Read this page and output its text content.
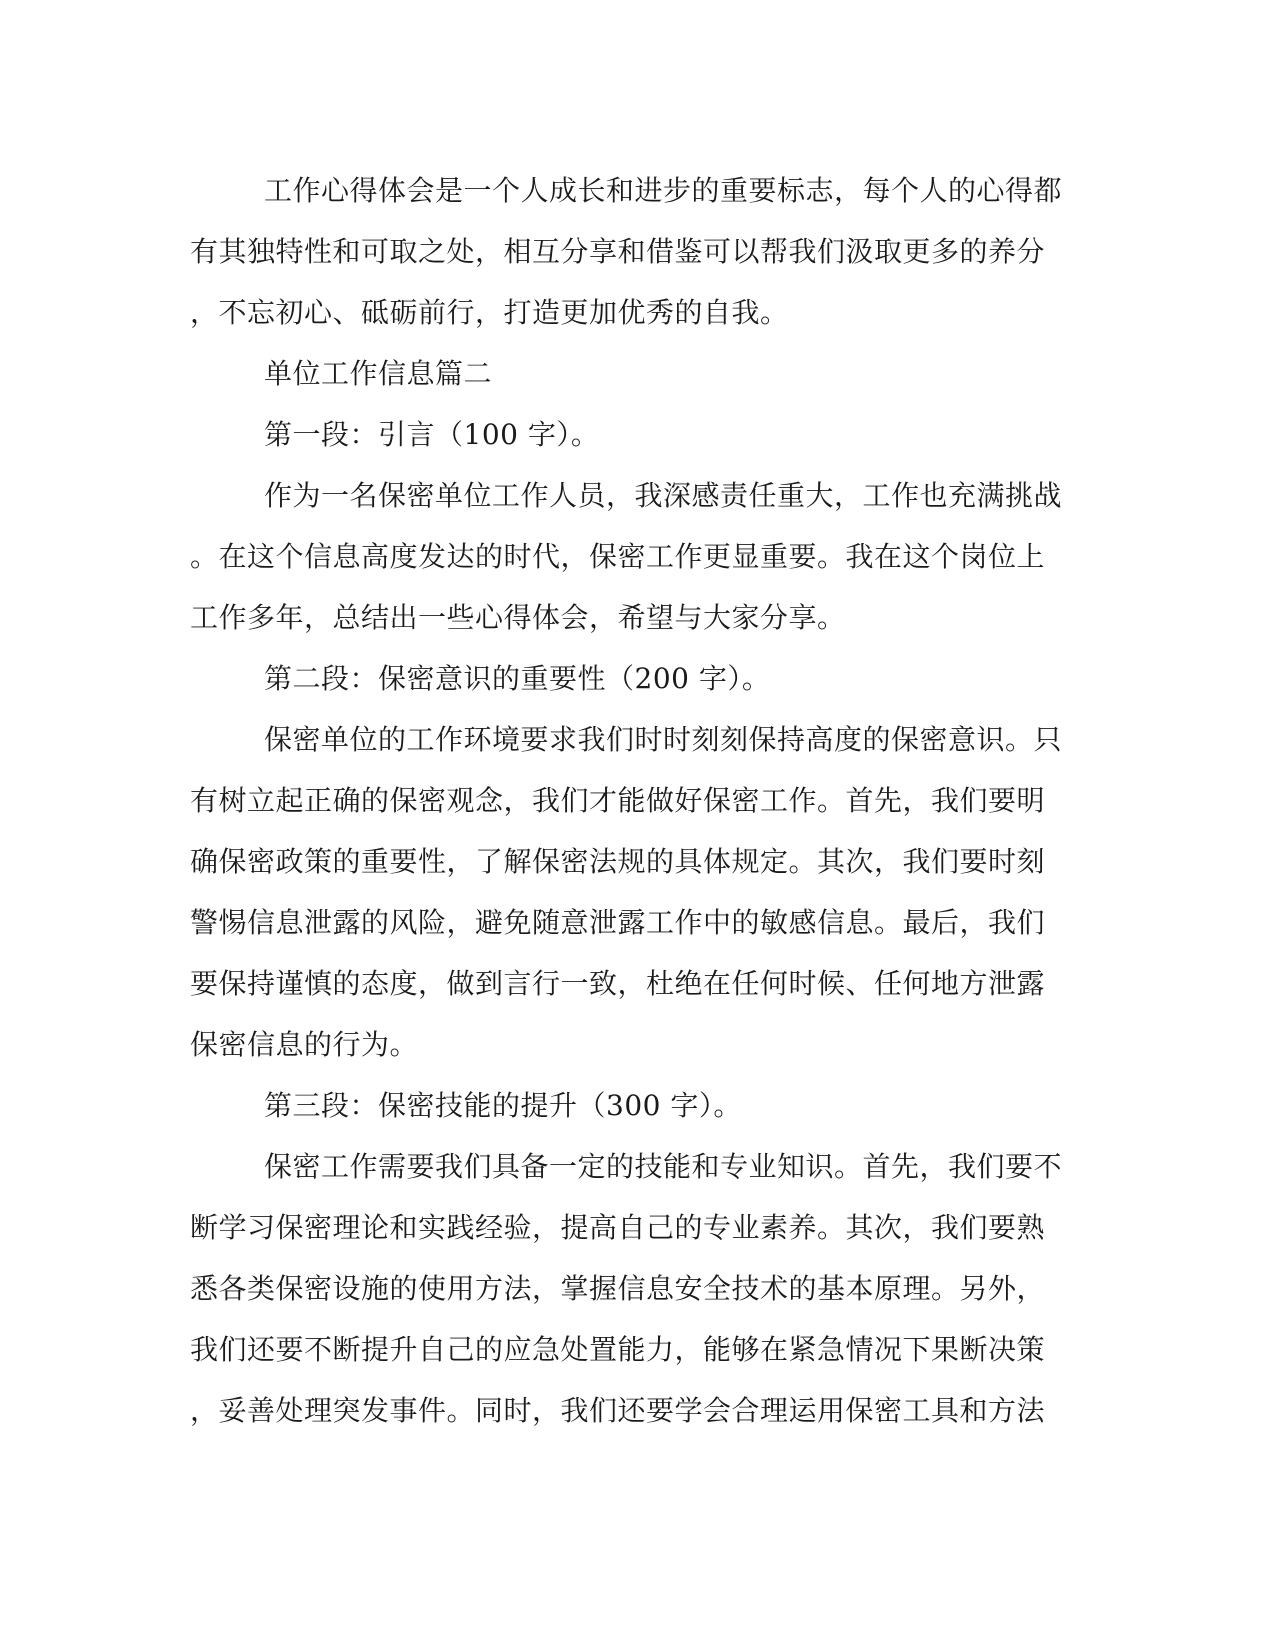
工作心得体会是一个人成长和进步的重要标志，每个人的心得都
有其独特性和可取之处，相互分享和借鉴可以帮我们汲取更多的养分
，不忘初心、砥砺前行，打造更加优秀的自我。
单位工作信息篇二
第一段：引言（100 字）。
作为一名保密单位工作人员，我深感责任重大，工作也充满挑战
。在这个信息高度发达的时代，保密工作更显重要。我在这个岗位上
工作多年，总结出一些心得体会，希望与大家分享。
第二段：保密意识的重要性（200 字）。
保密单位的工作环境要求我们时时刻刻保持高度的保密意识。只
有树立起正确的保密观念，我们才能做好保密工作。首先，我们要明
确保密政策的重要性，了解保密法规的具体规定。其次，我们要时刻
警惕信息泄露的风险，避免随意泄露工作中的敏感信息。最后，我们
要保持谨慎的态度，做到言行一致，杜绝在任何时候、任何地方泄露
保密信息的行为。
第三段：保密技能的提升（300 字）。
保密工作需要我们具备一定的技能和专业知识。首先，我们要不
断学习保密理论和实践经验，提高自己的专业素养。其次，我们要熟
悉各类保密设施的使用方法，掌握信息安全技术的基本原理。另外，
我们还要不断提升自己的应急处置能力，能够在紧急情况下果断决策
，妥善处理突发事件。同时，我们还要学会合理运用保密工具和方法
